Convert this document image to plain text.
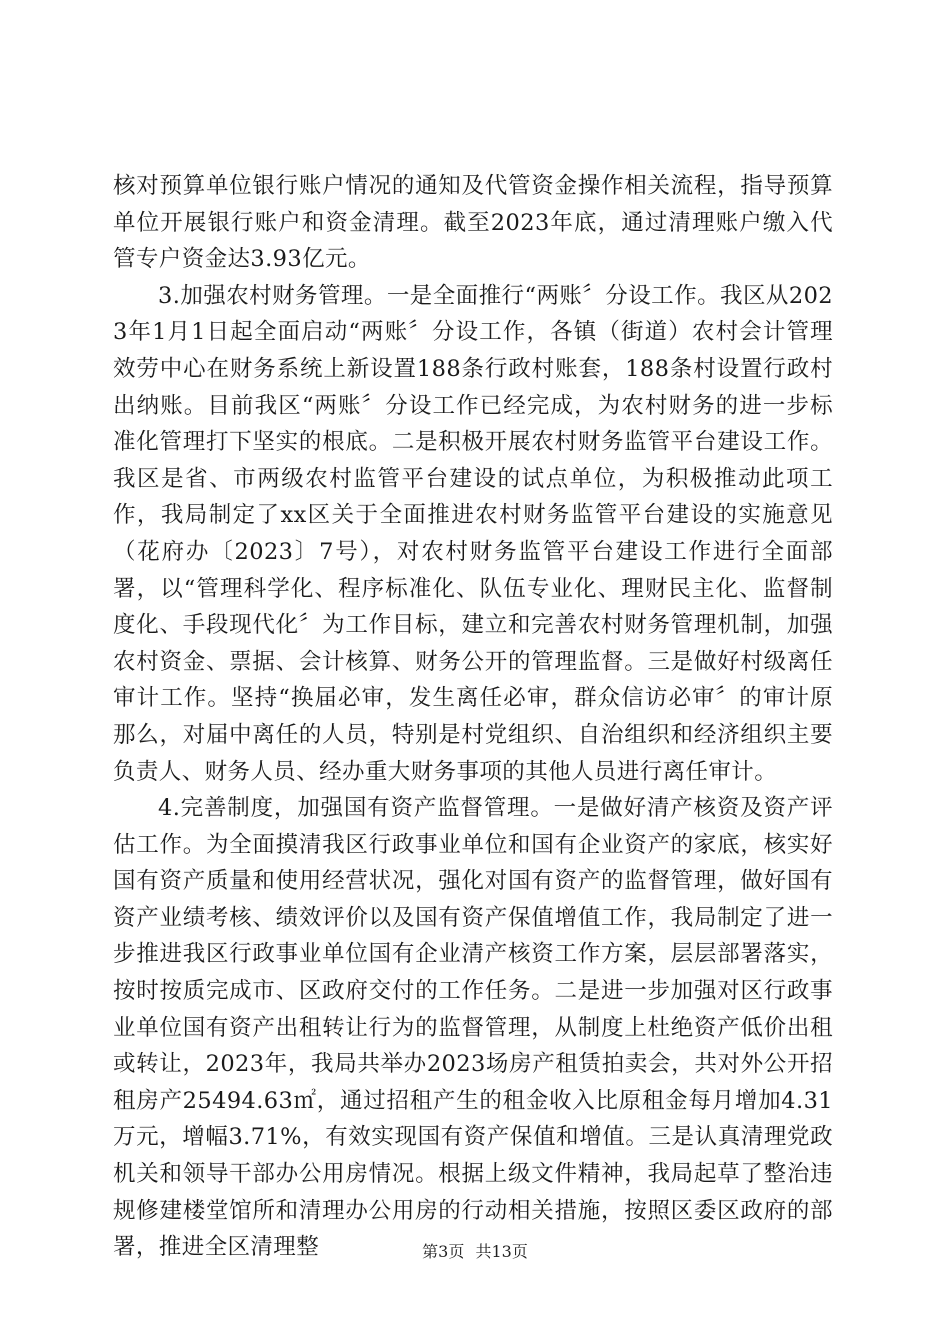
核对预算单位银行账户情况的通知及代管资金操作相关流程，指导预算单位开展银行账户和资金清理。截至2023年底，通过清理账户缴入代管专户资金达3.93亿元。

3.加强农村财务管理。一是全面推行“两账〞分设工作。我区从2023年1月1日起全面启动“两账〞分设工作，各镇（街道）农村会计管理效劳中心在财务系统上新设置188条行政村账套，188条村设置行政村出纳账。目前我区“两账〞分设工作已经完成，为农村财务的进一步标准化管理打下坚实的根底。二是积极开展农村财务监管平台建设工作。我区是省、市两级农村监管平台建设的试点单位，为积极推动此项工作，我局制定了xx区关于全面推进农村财务监管平台建设的实施意见（花府办〔2023〕7号），对农村财务监管平台建设工作进行全面部署，以“管理科学化、程序标准化、队伍专业化、理财民主化、监督制度化、手段现代化〞为工作目标，建立和完善农村财务管理机制，加强农村资金、票据、会计核算、财务公开的管理监督。三是做好村级离任审计工作。坚持“换届必审，发生离任必审，群众信访必审〞的审计原那么，对届中离任的人员，特别是村党组织、自治组织和经济组织主要负责人、财务人员、经办重大财务事项的其他人员进行离任审计。

4.完善制度，加强国有资产监督管理。一是做好清产核资及资产评估工作。为全面摸清我区行政事业单位和国有企业资产的家底，核实好国有资产质量和使用经营状况，强化对国有资产的监督管理，做好国有资产业绩考核、绩效评价以及国有资产保值增值工作，我局制定了进一步推进我区行政事业单位国有企业清产核资工作方案，层层部署落实，按时按质完成市、区政府交付的工作任务。二是进一步加强对区行政事业单位国有资产出租转让行为的监督管理，从制度上杜绝资产低价出租或转让，2023年，我局共举办2023场房产租赁拍卖会，共对外公开招租房产25494.63㎡，通过招租产生的租金收入比原租金每月增加4.31万元，增幅3.71%，有效实现国有资产保值和增值。三是认真清理党政机关和领导干部办公用房情况。根据上级文件精神，我局起草了整治违规修建楼堂馆所和清理办公用房的行动相关措施，按照区委区政府的部署，推进全区清理整	第3页 共13页
